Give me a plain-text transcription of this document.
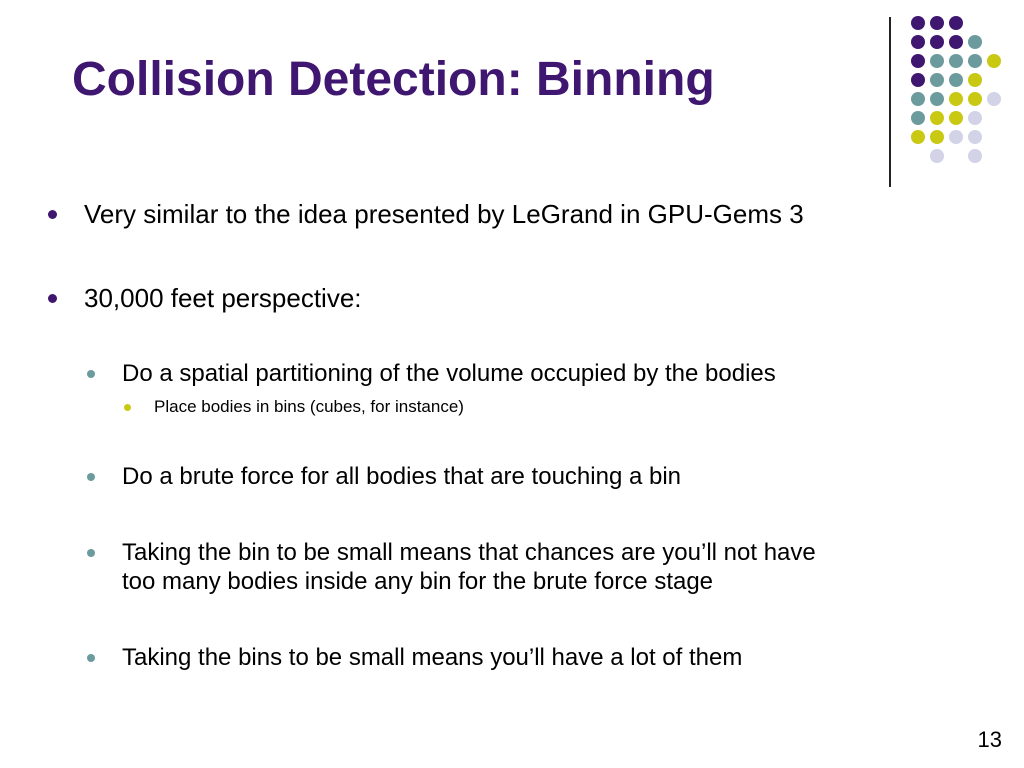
Collision Detection: Binning
Very similar to the idea presented by LeGrand in GPU-Gems 3
30,000 feet perspective:
Do a spatial partitioning of the volume occupied by the bodies
Place bodies in bins (cubes, for instance)
Do a brute force for all bodies that are touching a bin
Taking the bin to be small means that chances are you’ll not have
too many bodies inside any bin for the brute force stage
Taking the bins to be small means you’ll have a lot of them
13
